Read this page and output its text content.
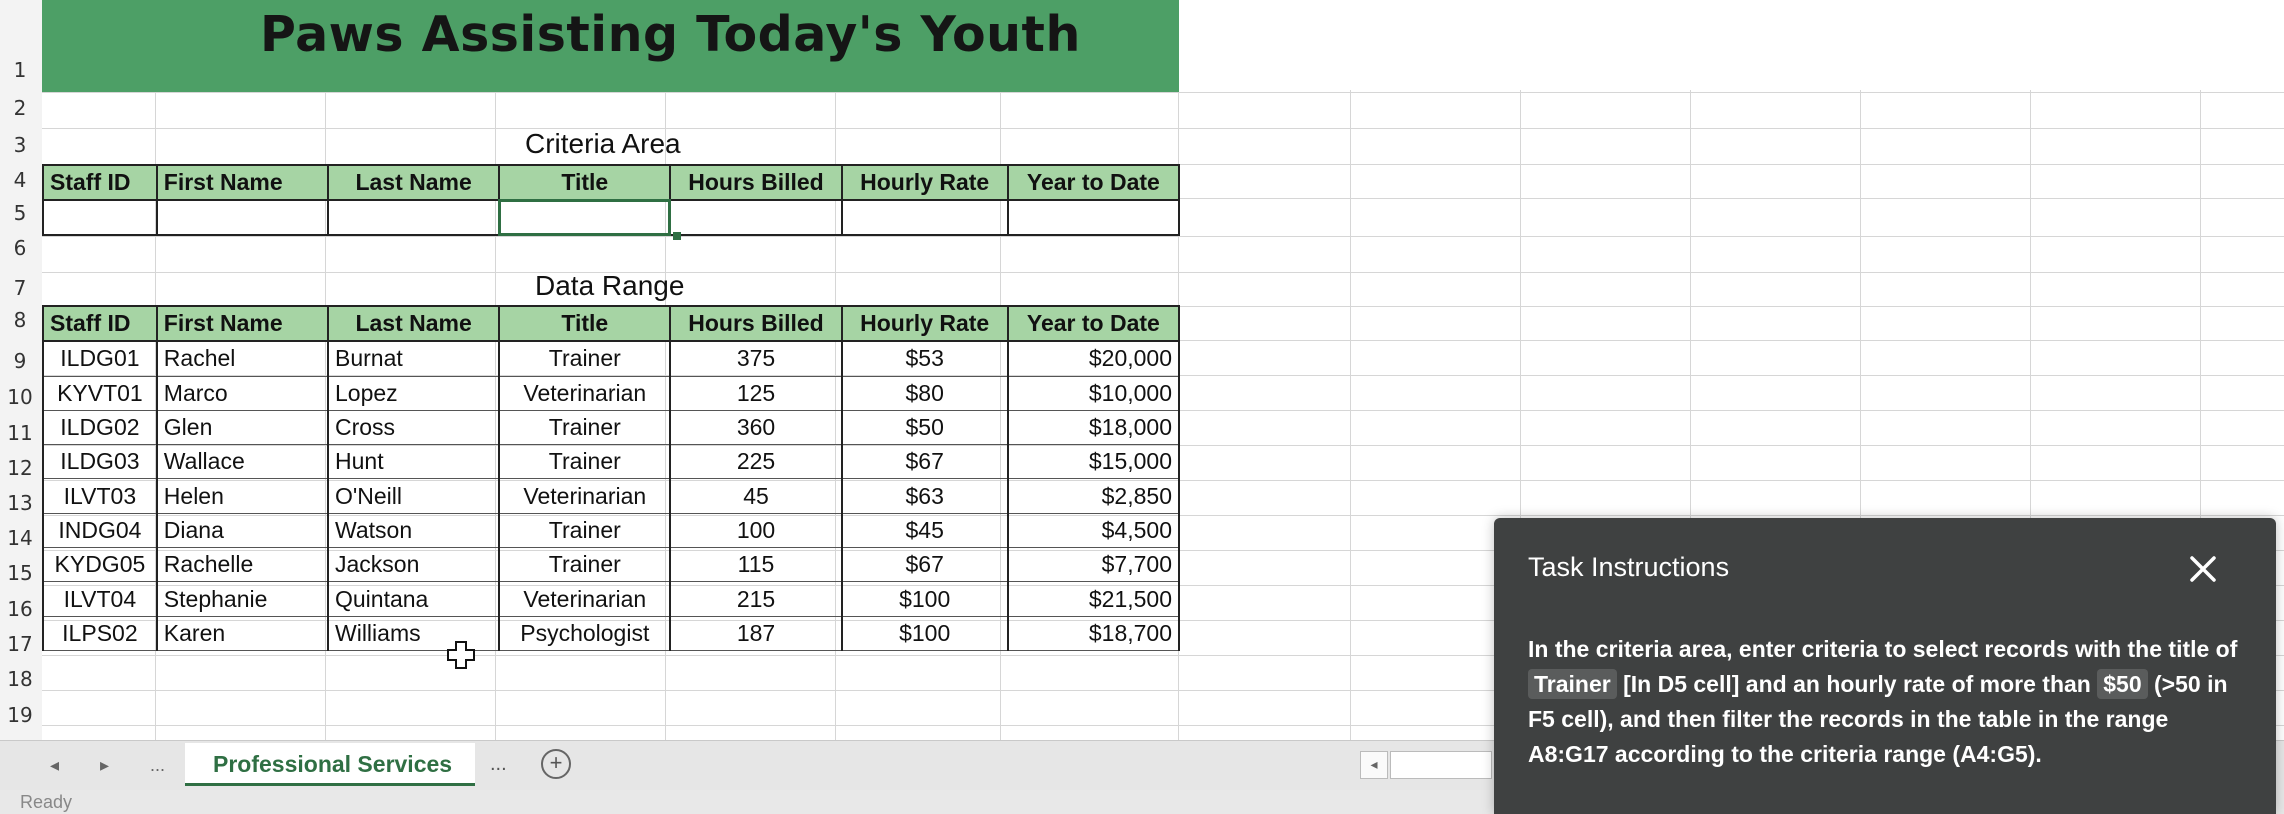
1
2
3
4
5
6
7
8
9
10
11
12
13
14
15
16
17
18
19
Paws Assisting Today's Youth
Criteria Area
Staff ID	First Name	Last Name	Title	Hours Billed	Hourly Rate	Year to Date

Data Range
Staff ID	First Name	Last Name	Title	Hours Billed	Hourly Rate	Year to Date
ILDG01	Rachel	Burnat	Trainer	375	$53	$20,000
KYVT01	Marco	Lopez	Veterinarian	125	$80	$10,000
ILDG02	Glen	Cross	Trainer	360	$50	$18,000
ILDG03	Wallace	Hunt	Trainer	225	$67	$15,000
ILVT03	Helen	O'Neill	Veterinarian	45	$63	$2,850
INDG04	Diana	Watson	Trainer	100	$45	$4,500
KYDG05	Rachelle	Jackson	Trainer	115	$67	$7,700
ILVT04	Stephanie	Quintana	Veterinarian	215	$100	$21,500
ILPS02	Karen	Williams	Psychologist	187	$100	$18,700
◂ ▸ ... Professional Services ...	+	◂
Ready
Task Instructions
In the criteria area, enter criteria to select records with the title of Trainer [In D5 cell] and an hourly rate of more than $50 (>50 in F5 cell), and then filter the records in the table in the range A8:G17 according to the criteria range (A4:G5).
